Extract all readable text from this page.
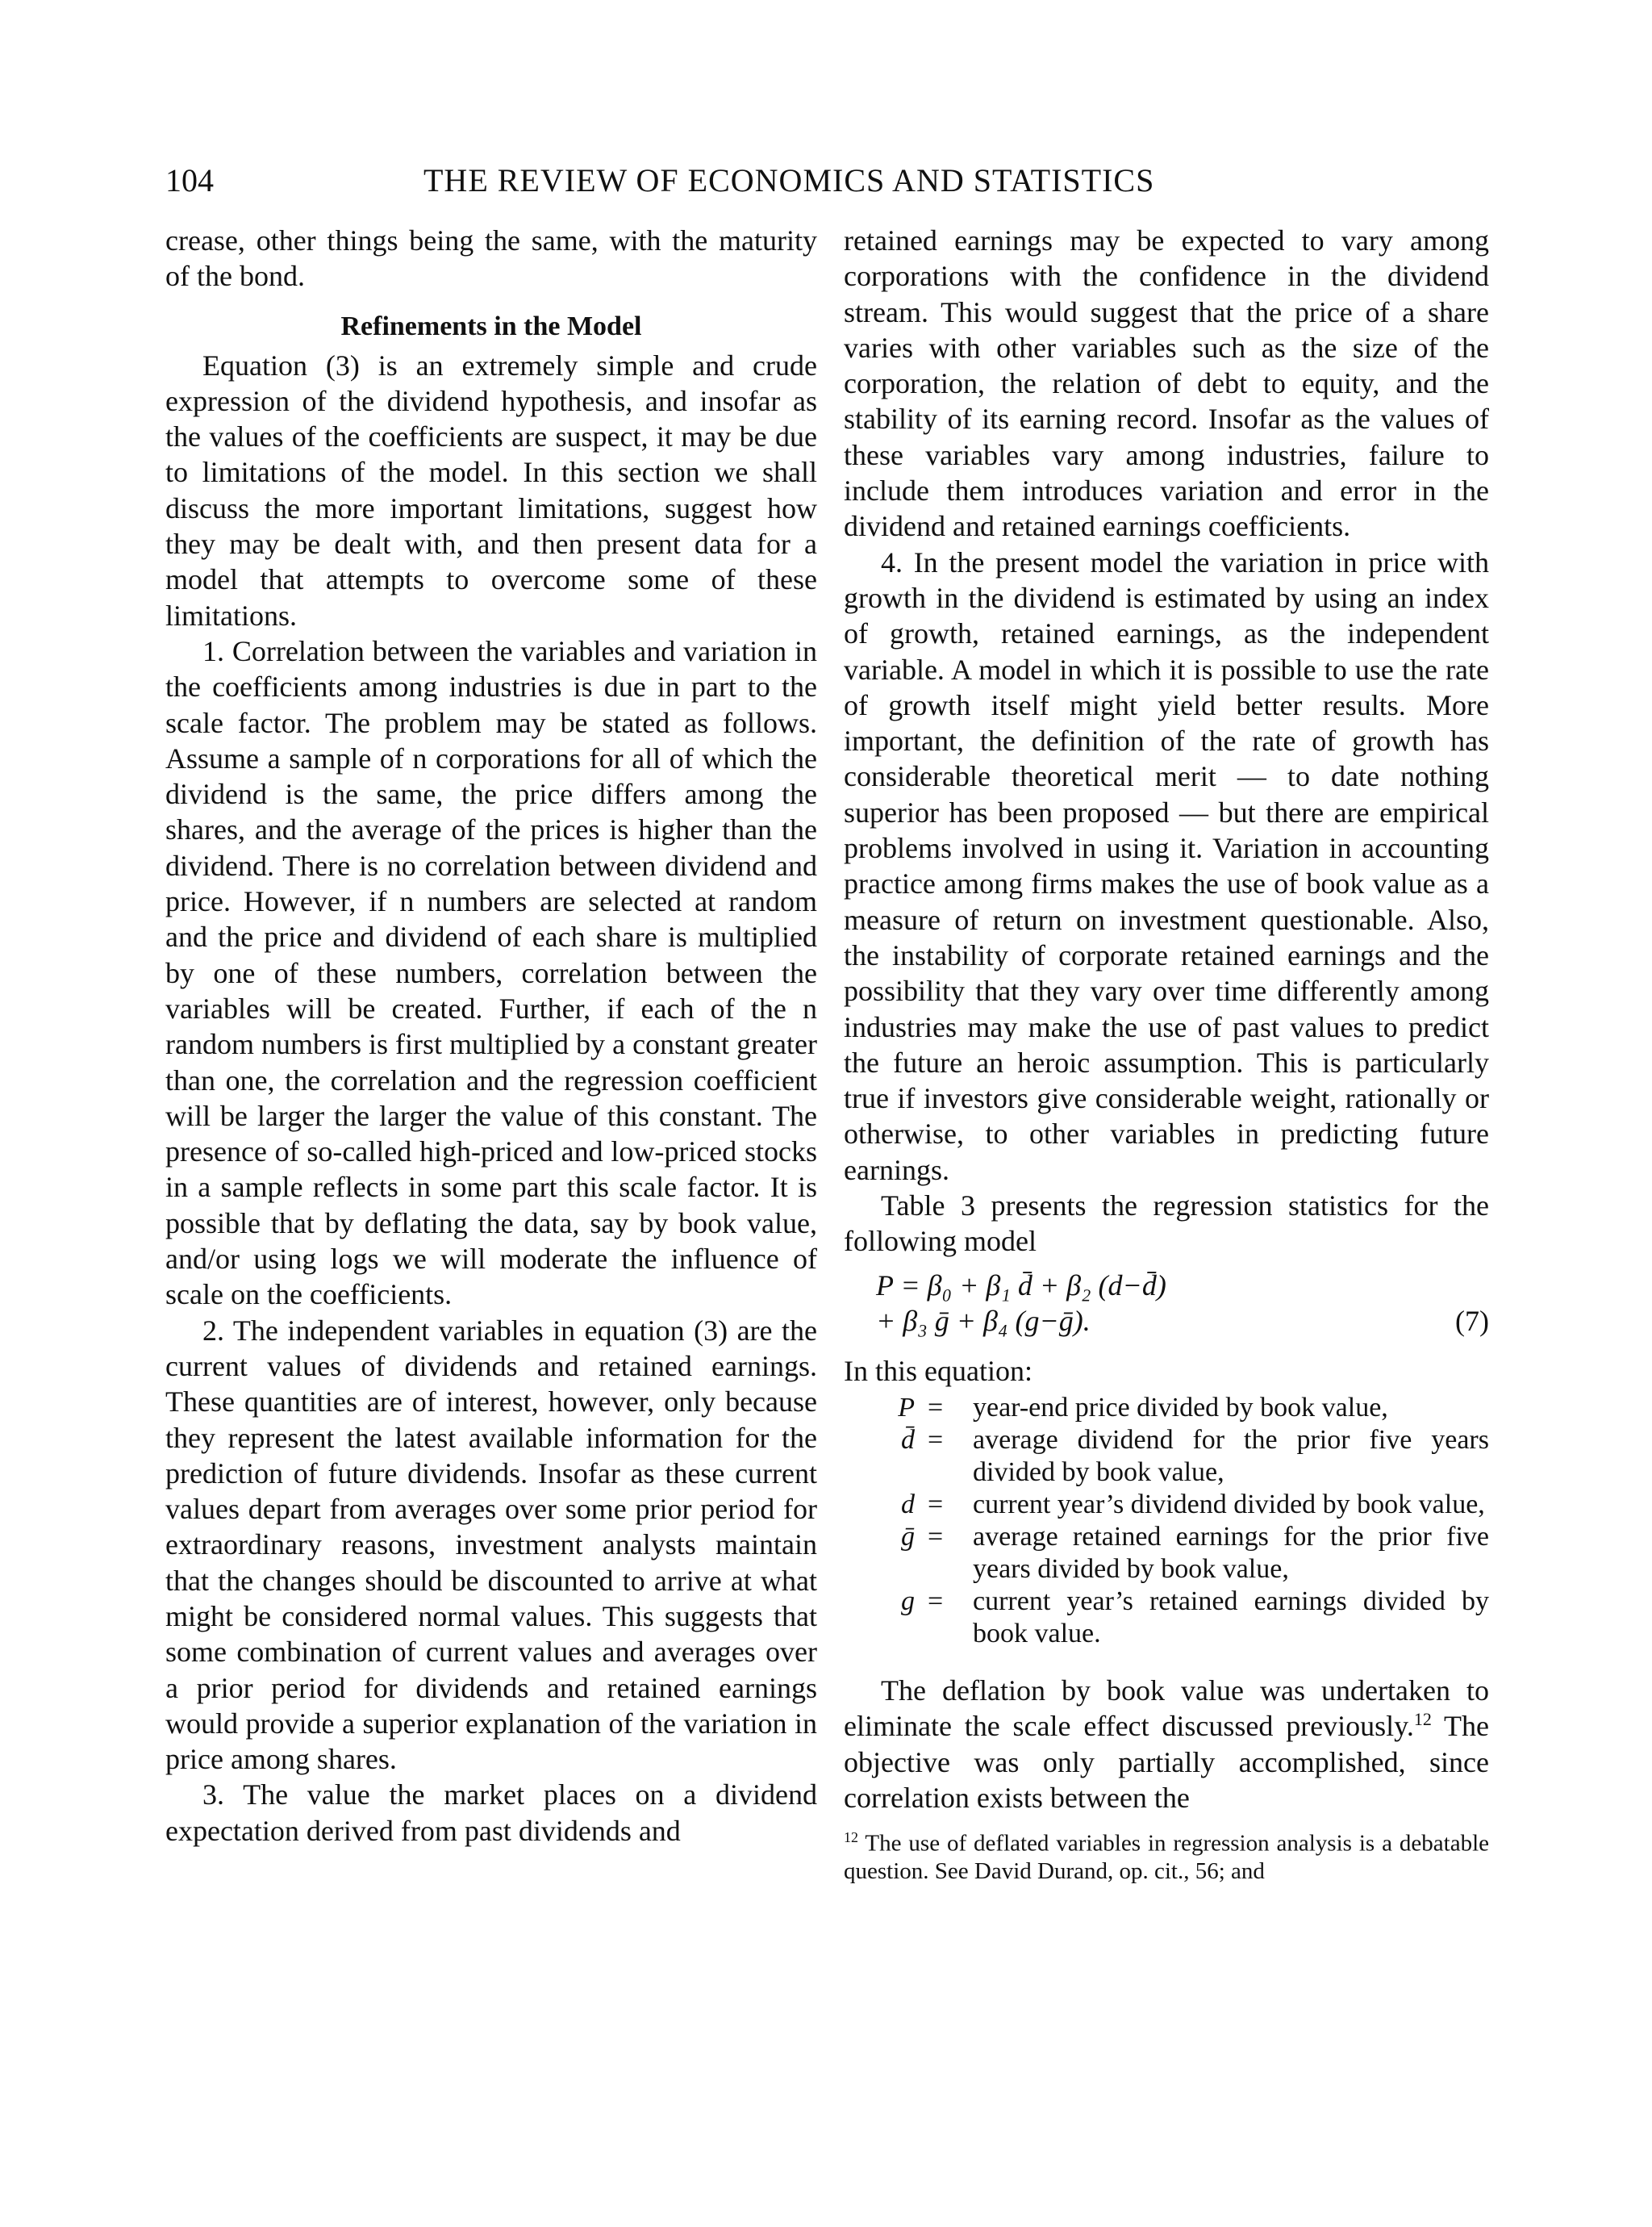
104	THE REVIEW OF ECONOMICS AND STATISTICS

crease, other things being the same, with the maturity of the bond.

Refinements in the Model

Equation (3) is an extremely simple and crude expression of the dividend hypothesis, and insofar as the values of the coefficients are suspect, it may be due to limitations of the model. In this section we shall discuss the more important limitations, suggest how they may be dealt with, and then present data for a model that attempts to overcome some of these limitations.

1. Correlation between the variables and variation in the coefficients among industries is due in part to the scale factor. The problem may be stated as follows. Assume a sample of n corporations for all of which the dividend is the same, the price differs among the shares, and the average of the prices is higher than the dividend. There is no correlation between dividend and price. However, if n numbers are selected at random and the price and dividend of each share is multiplied by one of these numbers, correlation between the variables will be created. Further, if each of the n random numbers is first multiplied by a constant greater than one, the correlation and the regression coefficient will be larger the larger the value of this constant. The presence of so-called high-priced and low-priced stocks in a sample reflects in some part this scale factor. It is possible that by deflating the data, say by book value, and/or using logs we will moderate the influence of scale on the coefficients.

2. The independent variables in equation (3) are the current values of dividends and retained earnings. These quantities are of interest, however, only because they represent the latest available information for the prediction of future dividends. Insofar as these current values depart from averages over some prior period for extraordinary reasons, investment analysts maintain that the changes should be discounted to arrive at what might be considered normal values. This suggests that some combination of current values and averages over a prior period for dividends and retained earnings would provide a superior explanation of the variation in price among shares.

3. The value the market places on a dividend expectation derived from past dividends and

retained earnings may be expected to vary among corporations with the confidence in the dividend stream. This would suggest that the price of a share varies with other variables such as the size of the corporation, the relation of debt to equity, and the stability of its earning record. Insofar as the values of these variables vary among industries, failure to include them introduces variation and error in the dividend and retained earnings coefficients.

4. In the present model the variation in price with growth in the dividend is estimated by using an index of growth, retained earnings, as the independent variable. A model in which it is possible to use the rate of growth itself might yield better results. More important, the definition of the rate of growth has considerable theoretical merit — to date nothing superior has been proposed — but there are empirical problems involved in using it. Variation in accounting practice among firms makes the use of book value as a measure of return on investment questionable. Also, the instability of corporate retained earnings and the possibility that they vary over time differently among industries may make the use of past values to predict the future an heroic assumption. This is particularly true if investors give considerable weight, rationally or otherwise, to other variables in predicting future earnings.

Table 3 presents the regression statistics for the following model

P = β₀ + β₁ d̄ + β₂ (d−d̄)
+ β₃ ḡ + β₄ (g−ḡ).	(7)

In this equation:

P = year-end price divided by book value,
d̄ = average dividend for the prior five years divided by book value,
d = current year’s dividend divided by book value,
ḡ = average retained earnings for the prior five years divided by book value,
g = current year’s retained earnings divided by book value.

The deflation by book value was undertaken to eliminate the scale effect discussed previously.$^{12}$ The objective was only partially accomplished, since correlation exists between the

$^{12}$ The use of deflated variables in regression analysis is a debatable question. See David Durand, op. cit., 56; and
